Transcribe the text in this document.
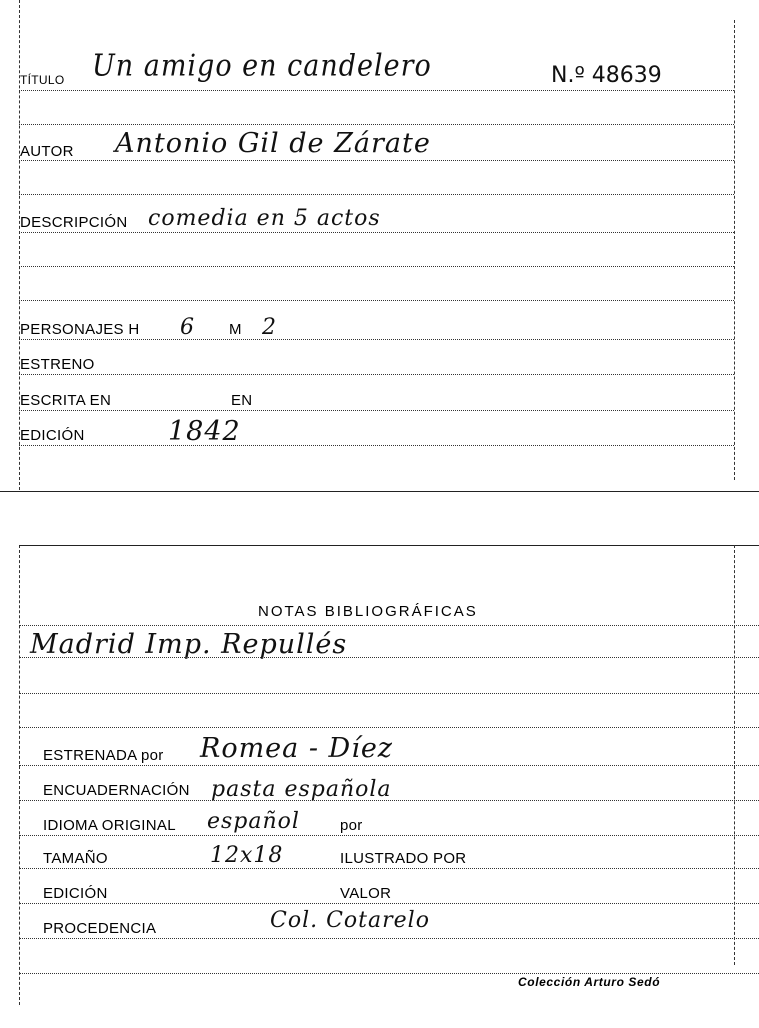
TÍTULO Un amigo en candelero	N.º 48639
AUTOR Antonio Gil de Zárate
DESCRIPCIÓN comedia en 5 actos
PERSONAJES H 6 M 2
ESTRENO
ESCRITA EN	EN
EDICIÓN	1842
NOTAS BIBLIOGRÁFICAS
Madrid Imp. Repullés
ESTRENADA por Romea - Díez
ENCUADERNACIÓN pasta española
IDIOMA ORIGINAL español	por
TAMAÑO	12x18	ILUSTRADO POR
EDICIÓN	VALOR
PROCEDENCIA	Col. Cotarelo
Colección Arturo Sedó
